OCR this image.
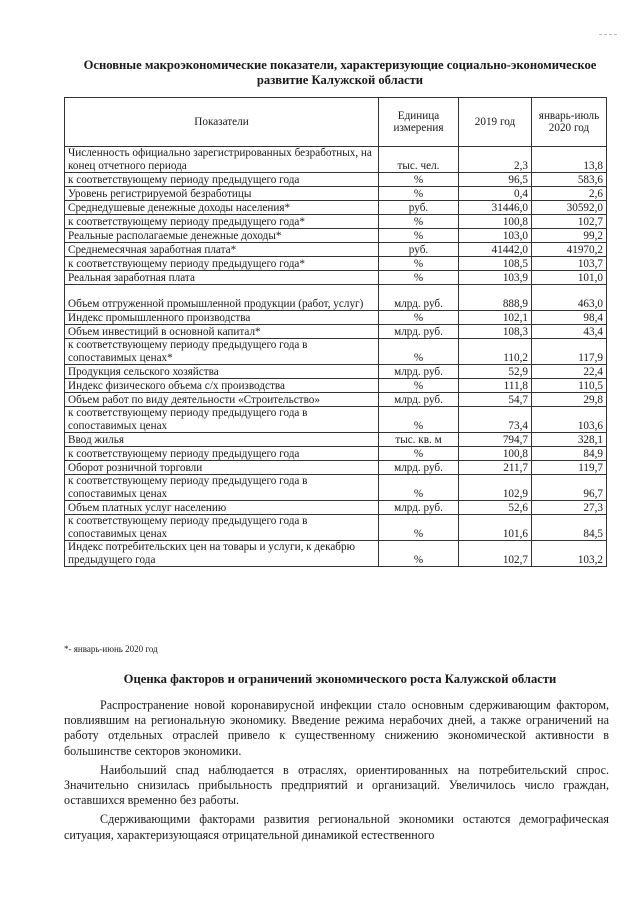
Основные макроэкономические показатели, характеризующие социально-экономическое развитие Калужской области
Показатели	Единица измерения	2019 год	январь-июль 2020 год
Численность официально зарегистрированных безработных, на конец отчетного периода	тыс. чел.	2,3	13,8
к соответствующему периоду предыдущего года	%	96,5	583,6
Уровень регистрируемой безработицы	%	0,4	2,6
Среднедушевые денежные доходы населения*	руб.	31446,0	30592,0
к соответствующему периоду предыдущего года*	%	100,8	102,7
Реальные располагаемые денежные доходы*	%	103,0	99,2
Среднемесячная заработная плата*	руб.	41442,0	41970,2
к соответствующему периоду предыдущего года*	%	108,5	103,7
Реальная заработная плата	%	103,9	101,0
Объем отгруженной промышленной продукции (работ, услуг)	млрд. руб.	888,9	463,0
Индекс промышленного производства	%	102,1	98,4
Объем инвестиций в основной капитал*	млрд. руб.	108,3	43,4
к соответствующему периоду предыдущего года в сопоставимых ценах*	%	110,2	117,9
Продукция сельского хозяйства	млрд. руб.	52,9	22,4
Индекс физического объема с/х производства	%	111,8	110,5
Объем работ по виду деятельности «Строительство»	млрд. руб.	54,7	29,8
к соответствующему периоду предыдущего года в сопоставимых ценах	%	73,4	103,6
Ввод жилья	тыс. кв. м	794,7	328,1
к соответствующему периоду предыдущего года	%	100,8	84,9
Оборот розничной торговли	млрд. руб.	211,7	119,7
к соответствующему периоду предыдущего года в сопоставимых ценах	%	102,9	96,7
Объем платных услуг населению	млрд. руб.	52,6	27,3
к соответствующему периоду предыдущего года в сопоставимых ценах	%	101,6	84,5
Индекс потребительских цен на товары и услуги, к декабрю предыдущего года	%	102,7	103,2
*- январь-июнь 2020 год
Оценка факторов и ограничений экономического роста Калужской области

Распространение новой коронавирусной инфекции стало основным сдерживающим фактором, повлиявшим на региональную экономику. Введение режима нерабочих дней, а также ограничений на работу отдельных отраслей привело к существенному снижению экономической активности в большинстве секторов экономики.

Наибольший спад наблюдается в отраслях, ориентированных на потребительский спрос. Значительно снизилась прибыльность предприятий и организаций. Увеличилось число граждан, оставшихся временно без работы.

Сдерживающими факторами развития региональной экономики остаются демографическая ситуация, характеризующаяся отрицательной динамикой естественного
